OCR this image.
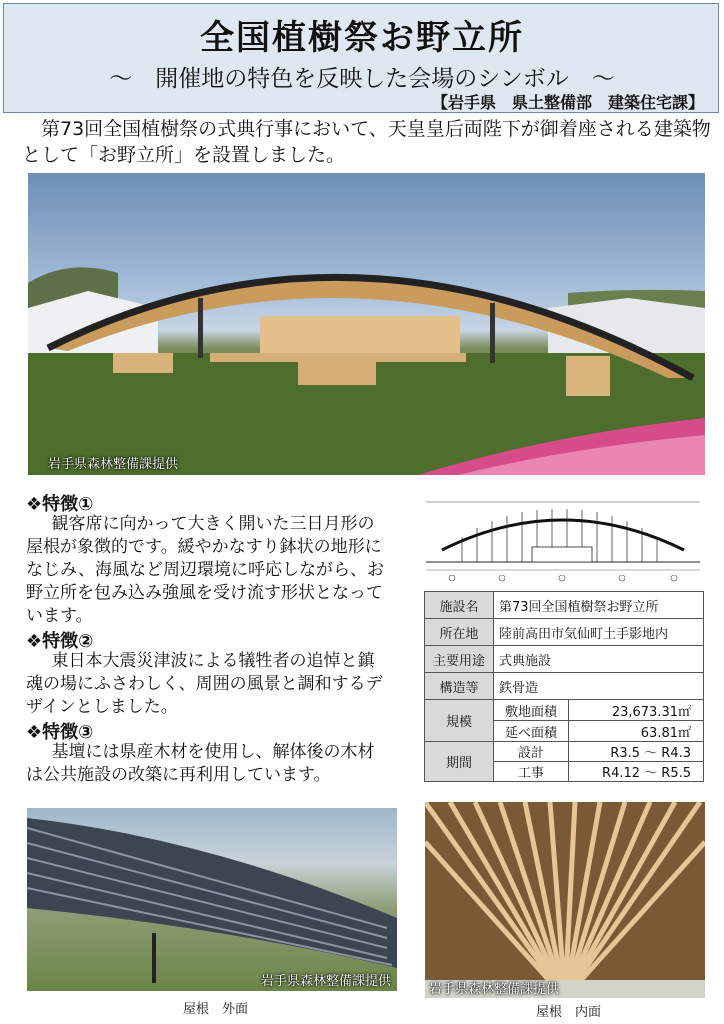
全国植樹祭お野立所
～　開催地の特色を反映した会場のシンボル　～
【岩手県　県土整備部　建築住宅課】
第73回全国植樹祭の式典行事において、天皇皇后両陛下が御着座される建築物として「お野立所」を設置しました。
岩手県森林整備課提供
❖特徴①
観客席に向かって大きく開いた三日月形の屋根が象徴的です。緩やかなすり鉢状の地形になじみ、海風など周辺環境に呼応しながら、お野立所を包み込み強風を受け流す形状となっています。
❖特徴②
東日本大震災津波による犠牲者の追悼と鎮魂の場にふさわしく、周囲の風景と調和するデザインとしました。
❖特徴③
基壇には県産木材を使用し、解体後の木材は公共施設の改築に再利用しています。
施設名	第73回全国植樹祭お野立所	
所在地	陸前高田市気仙町土手影地内	
主要用途	式典施設	
構造等	鉄骨造	
規模	敷地面積	23,673.31㎡
	延べ面積	63.81㎡
期間	設計	R3.5 ～ R4.3
	工事	R4.12 ～ R5.5
岩手県森林整備課提供
屋根　外面
岩手県森林整備課提供
屋根　内面
